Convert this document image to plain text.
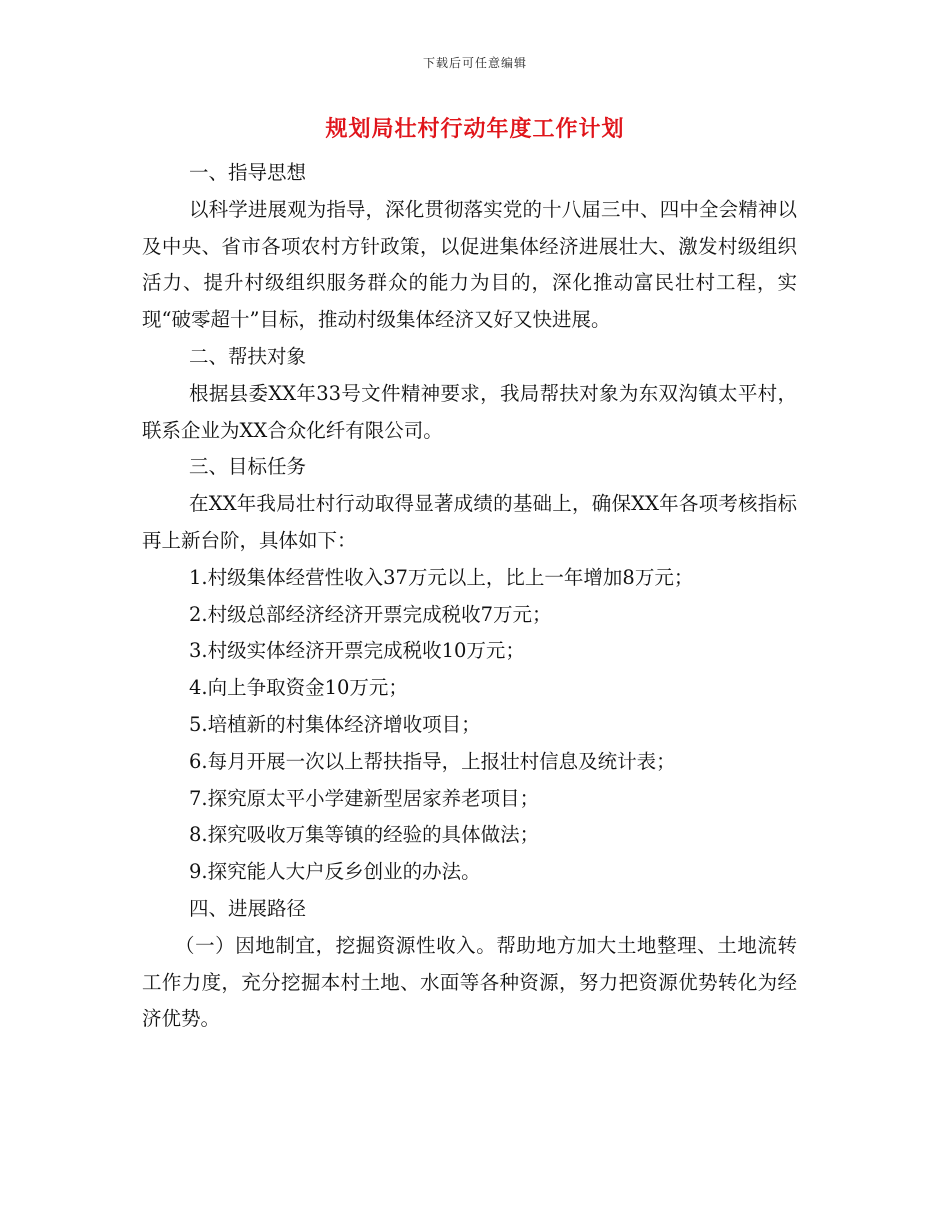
下载后可任意编辑
规划局壮村行动年度工作计划

一、指导思想

以科学进展观为指导，深化贯彻落实党的十八届三中、四中全会精神以及中央、省市各项农村方针政策，以促进集体经济进展壮大、激发村级组织活力、提升村级组织服务群众的能力为目的，深化推动富民壮村工程，实现“破零超十”目标，推动村级集体经济又好又快进展。

二、帮扶对象

根据县委XX年33号文件精神要求，我局帮扶对象为东双沟镇太平村，联系企业为XX合众化纤有限公司。

三、目标任务

在XX年我局壮村行动取得显著成绩的基础上，确保XX年各项考核指标再上新台阶，具体如下：

1.村级集体经营性收入37万元以上，比上一年增加8万元；

2.村级总部经济经济开票完成税收7万元；

3.村级实体经济开票完成税收10万元；

4.向上争取资金10万元；

5.培植新的村集体经济增收项目；

6.每月开展一次以上帮扶指导，上报壮村信息及统计表；

7.探究原太平小学建新型居家养老项目；

8.探究吸收万集等镇的经验的具体做法；

9.探究能人大户反乡创业的办法。

四、进展路径

（一）因地制宜，挖掘资源性收入。帮助地方加大土地整理、土地流转工作力度，充分挖掘本村土地、水面等各种资源，努力把资源优势转化为经济优势。
